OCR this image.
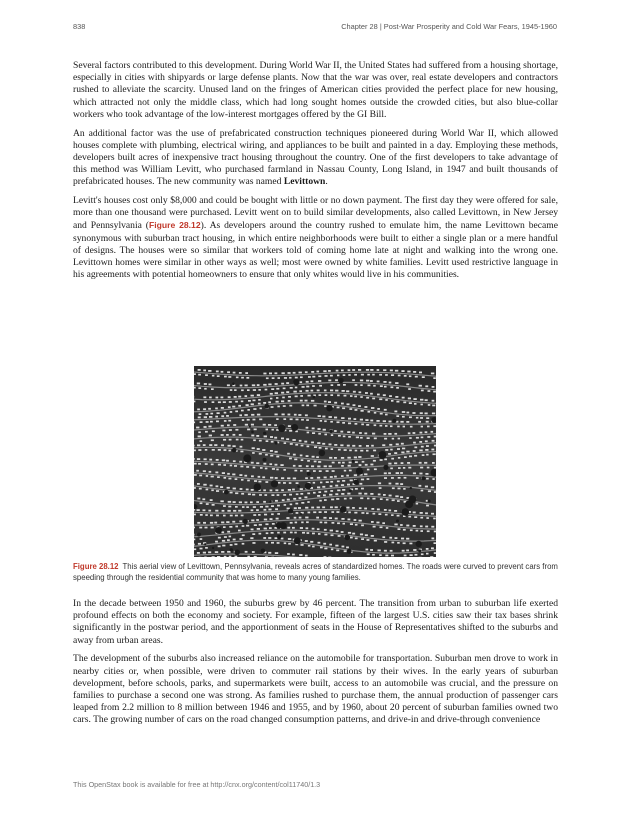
838	Chapter 28 | Post-War Prosperity and Cold War Fears, 1945-1960

Several factors contributed to this development. During World War II, the United States had suffered from a housing shortage, especially in cities with shipyards or large defense plants. Now that the war was over, real estate developers and contractors rushed to alleviate the scarcity. Unused land on the fringes of American cities provided the perfect place for new housing, which attracted not only the middle class, which had long sought homes outside the crowded cities, but also blue-collar workers who took advantage of the low-interest mortgages offered by the GI Bill.

An additional factor was the use of prefabricated construction techniques pioneered during World War II, which allowed houses complete with plumbing, electrical wiring, and appliances to be built and painted in a day. Employing these methods, developers built acres of inexpensive tract housing throughout the country. One of the first developers to take advantage of this method was William Levitt, who purchased farmland in Nassau County, Long Island, in 1947 and built thousands of prefabricated houses. The new community was named Levittown.

Levitt's houses cost only $8,000 and could be bought with little or no down payment. The first day they were offered for sale, more than one thousand were purchased. Levitt went on to build similar developments, also called Levittown, in New Jersey and Pennsylvania (Figure 28.12). As developers around the country rushed to emulate him, the name Levittown became synonymous with suburban tract housing, in which entire neighborhoods were built to either a single plan or a mere handful of designs. The houses were so similar that workers told of coming home late at night and walking into the wrong one. Levittown homes were similar in other ways as well; most were owned by white families. Levitt used restrictive language in his agreements with potential homeowners to ensure that only whites would live in his communities.

Figure 28.12 This aerial view of Levittown, Pennsylvania, reveals acres of standardized homes. The roads were curved to prevent cars from speeding through the residential community that was home to many young families.

In the decade between 1950 and 1960, the suburbs grew by 46 percent. The transition from urban to suburban life exerted profound effects on both the economy and society. For example, fifteen of the largest U.S. cities saw their tax bases shrink significantly in the postwar period, and the apportionment of seats in the House of Representatives shifted to the suburbs and away from urban areas.

The development of the suburbs also increased reliance on the automobile for transportation. Suburban men drove to work in nearby cities or, when possible, were driven to commuter rail stations by their wives. In the early years of suburban development, before schools, parks, and supermarkets were built, access to an automobile was crucial, and the pressure on families to purchase a second one was strong. As families rushed to purchase them, the annual production of passenger cars leaped from 2.2 million to 8 million between 1946 and 1955, and by 1960, about 20 percent of suburban families owned two cars. The growing number of cars on the road changed consumption patterns, and drive-in and drive-through convenience

This OpenStax book is available for free at http://cnx.org/content/col11740/1.3
